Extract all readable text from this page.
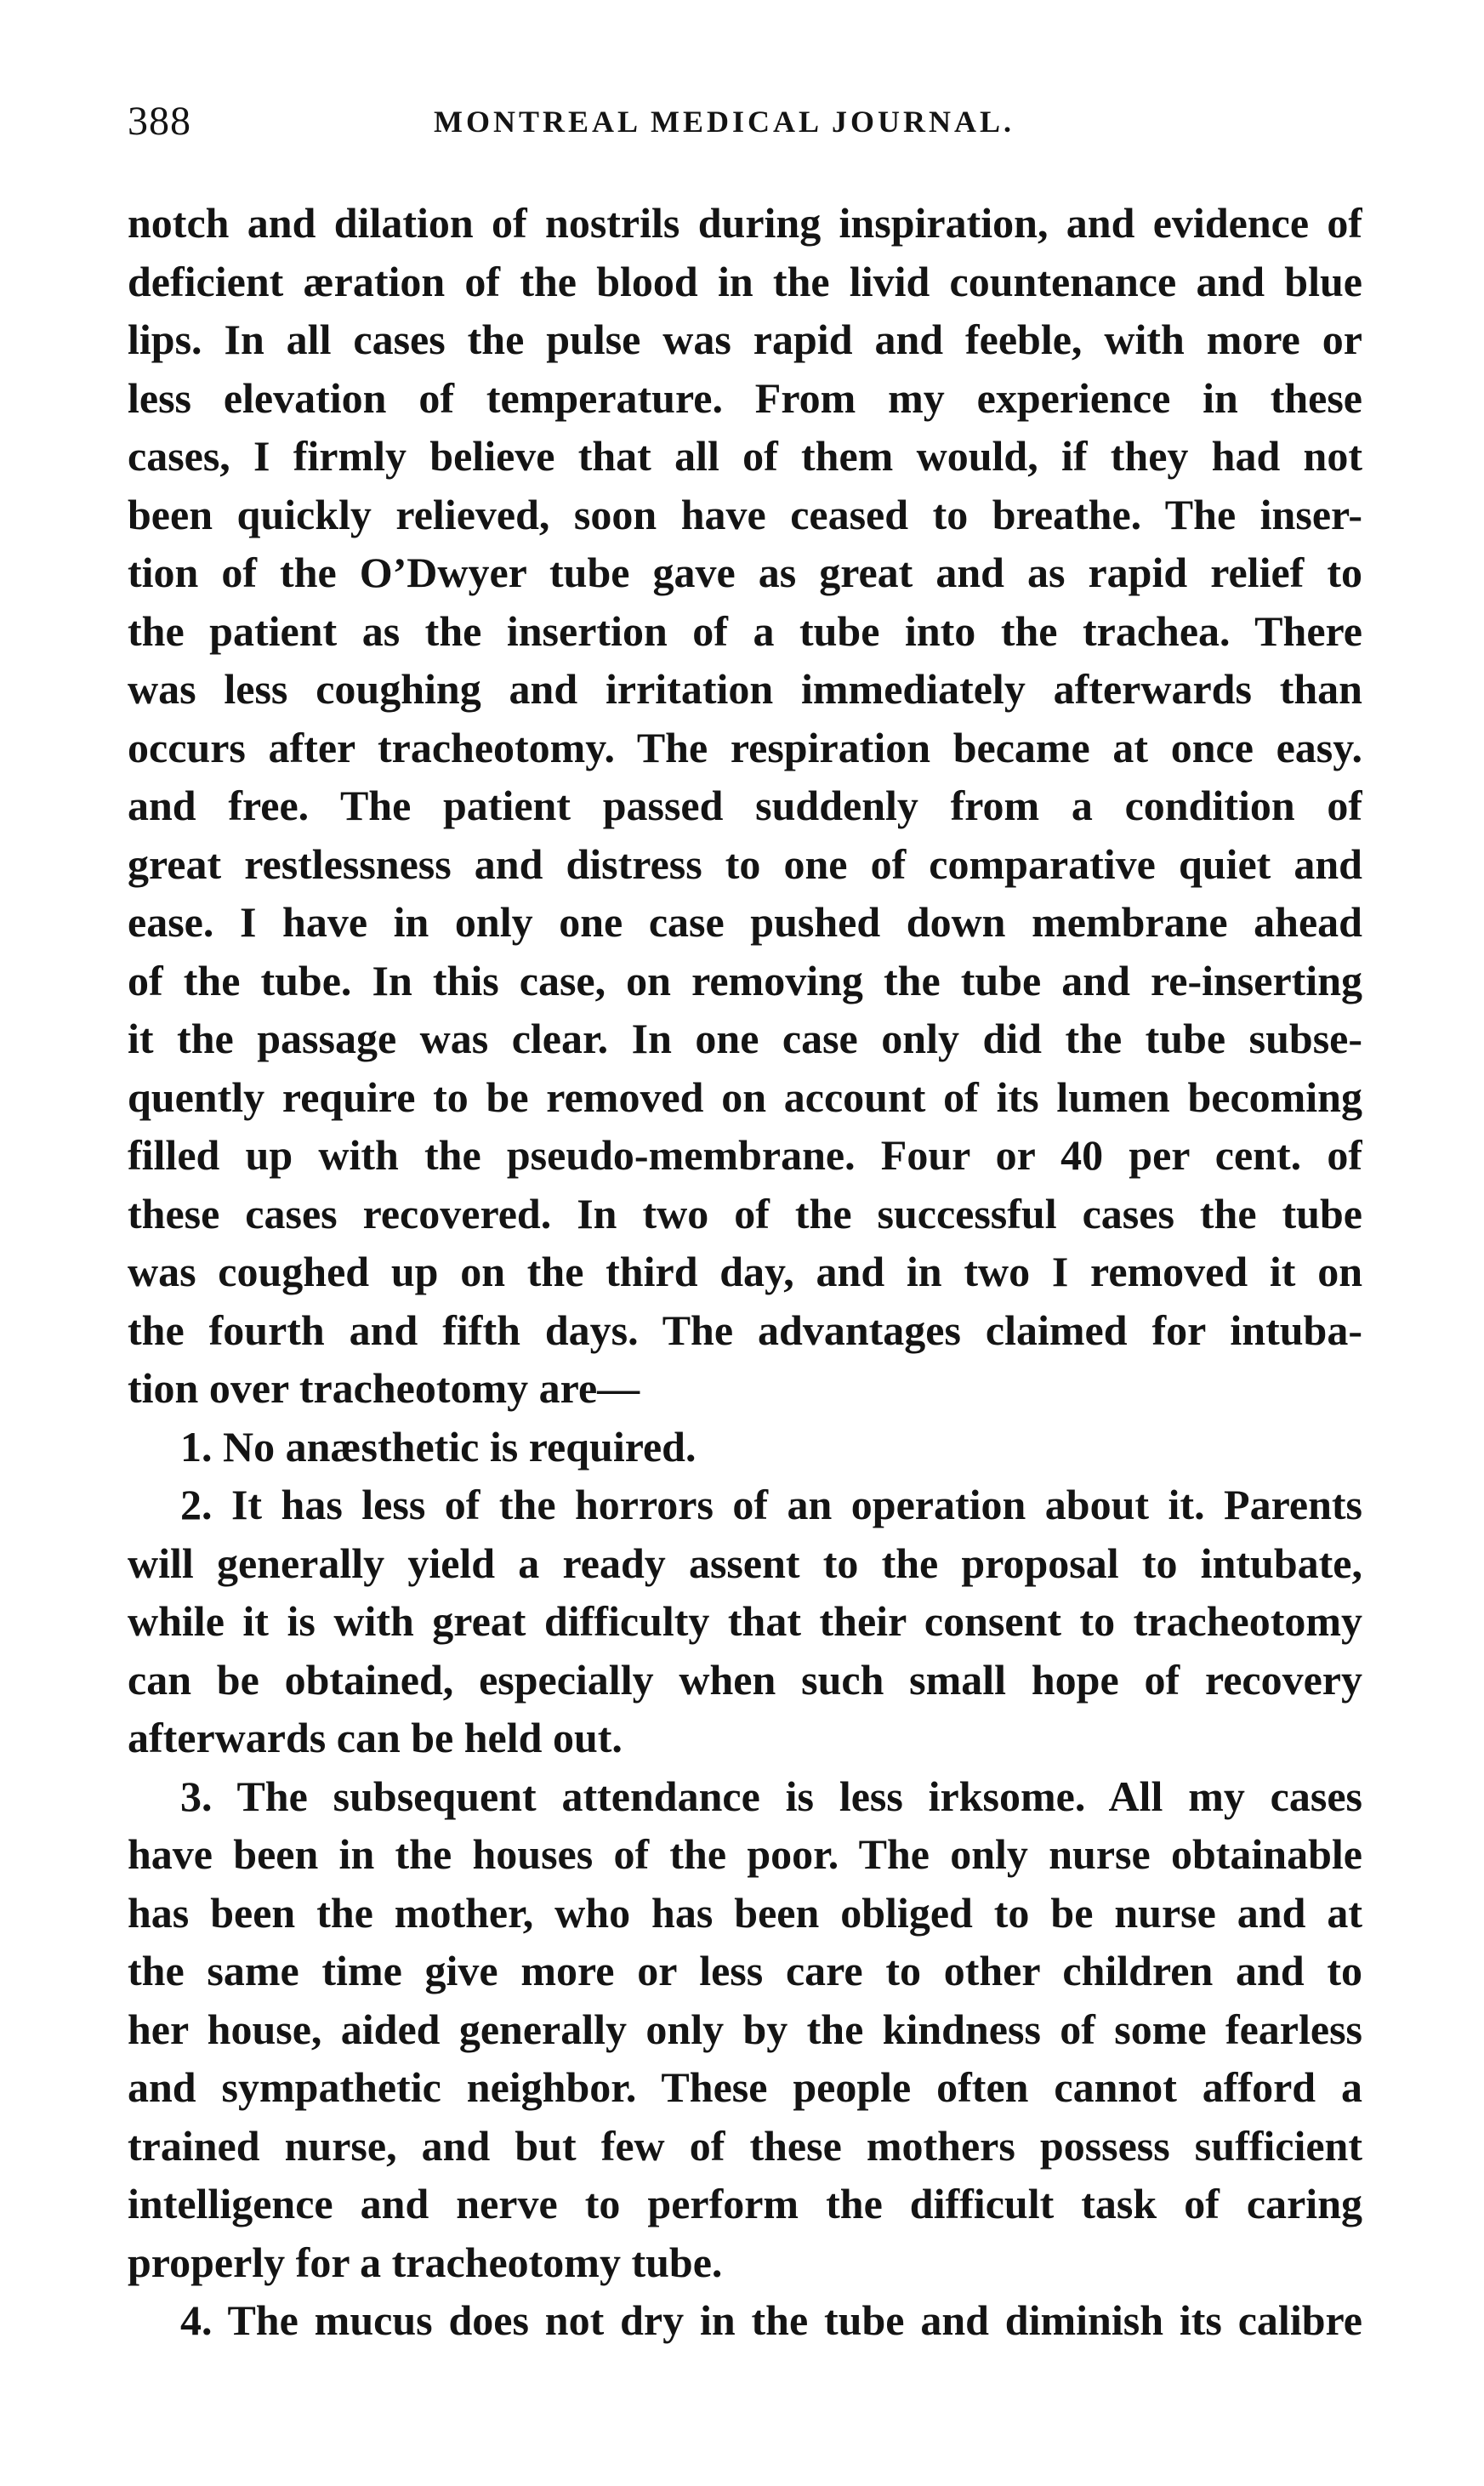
388	MONTREAL MEDICAL JOURNAL.
notch and dilation of nostrils during inspiration, and evidence of
deficient æration of the blood in the livid countenance and blue
lips. In all cases the pulse was rapid and feeble, with more or
less elevation of temperature. From my experience in these
cases, I firmly believe that all of them would, if they had not
been quickly relieved, soon have ceased to breathe. The inser-
tion of the O’Dwyer tube gave as great and as rapid relief to
the patient as the insertion of a tube into the trachea. There
was less coughing and irritation immediately afterwards than
occurs after tracheotomy. The respiration became at once easy.
and free. The patient passed suddenly from a condition of
great restlessness and distress to one of comparative quiet and
ease. I have in only one case pushed down membrane ahead
of the tube. In this case, on removing the tube and re-inserting
it the passage was clear. In one case only did the tube subse-
quently require to be removed on account of its lumen becoming
filled up with the pseudo-membrane. Four or 40 per cent. of
these cases recovered. In two of the successful cases the tube
was coughed up on the third day, and in two I removed it on
the fourth and fifth days. The advantages claimed for intuba-
tion over tracheotomy are—
1. No anæsthetic is required.
2. It has less of the horrors of an operation about it. Parents
will generally yield a ready assent to the proposal to intubate,
while it is with great difficulty that their consent to tracheotomy
can be obtained, especially when such small hope of recovery
afterwards can be held out.
3. The subsequent attendance is less irksome. All my cases
have been in the houses of the poor. The only nurse obtainable
has been the mother, who has been obliged to be nurse and at
the same time give more or less care to other children and to
her house, aided generally only by the kindness of some fearless
and sympathetic neighbor. These people often cannot afford a
trained nurse, and but few of these mothers possess sufficient
intelligence and nerve to perform the difficult task of caring
properly for a tracheotomy tube.
4. The mucus does not dry in the tube and diminish its calibre
